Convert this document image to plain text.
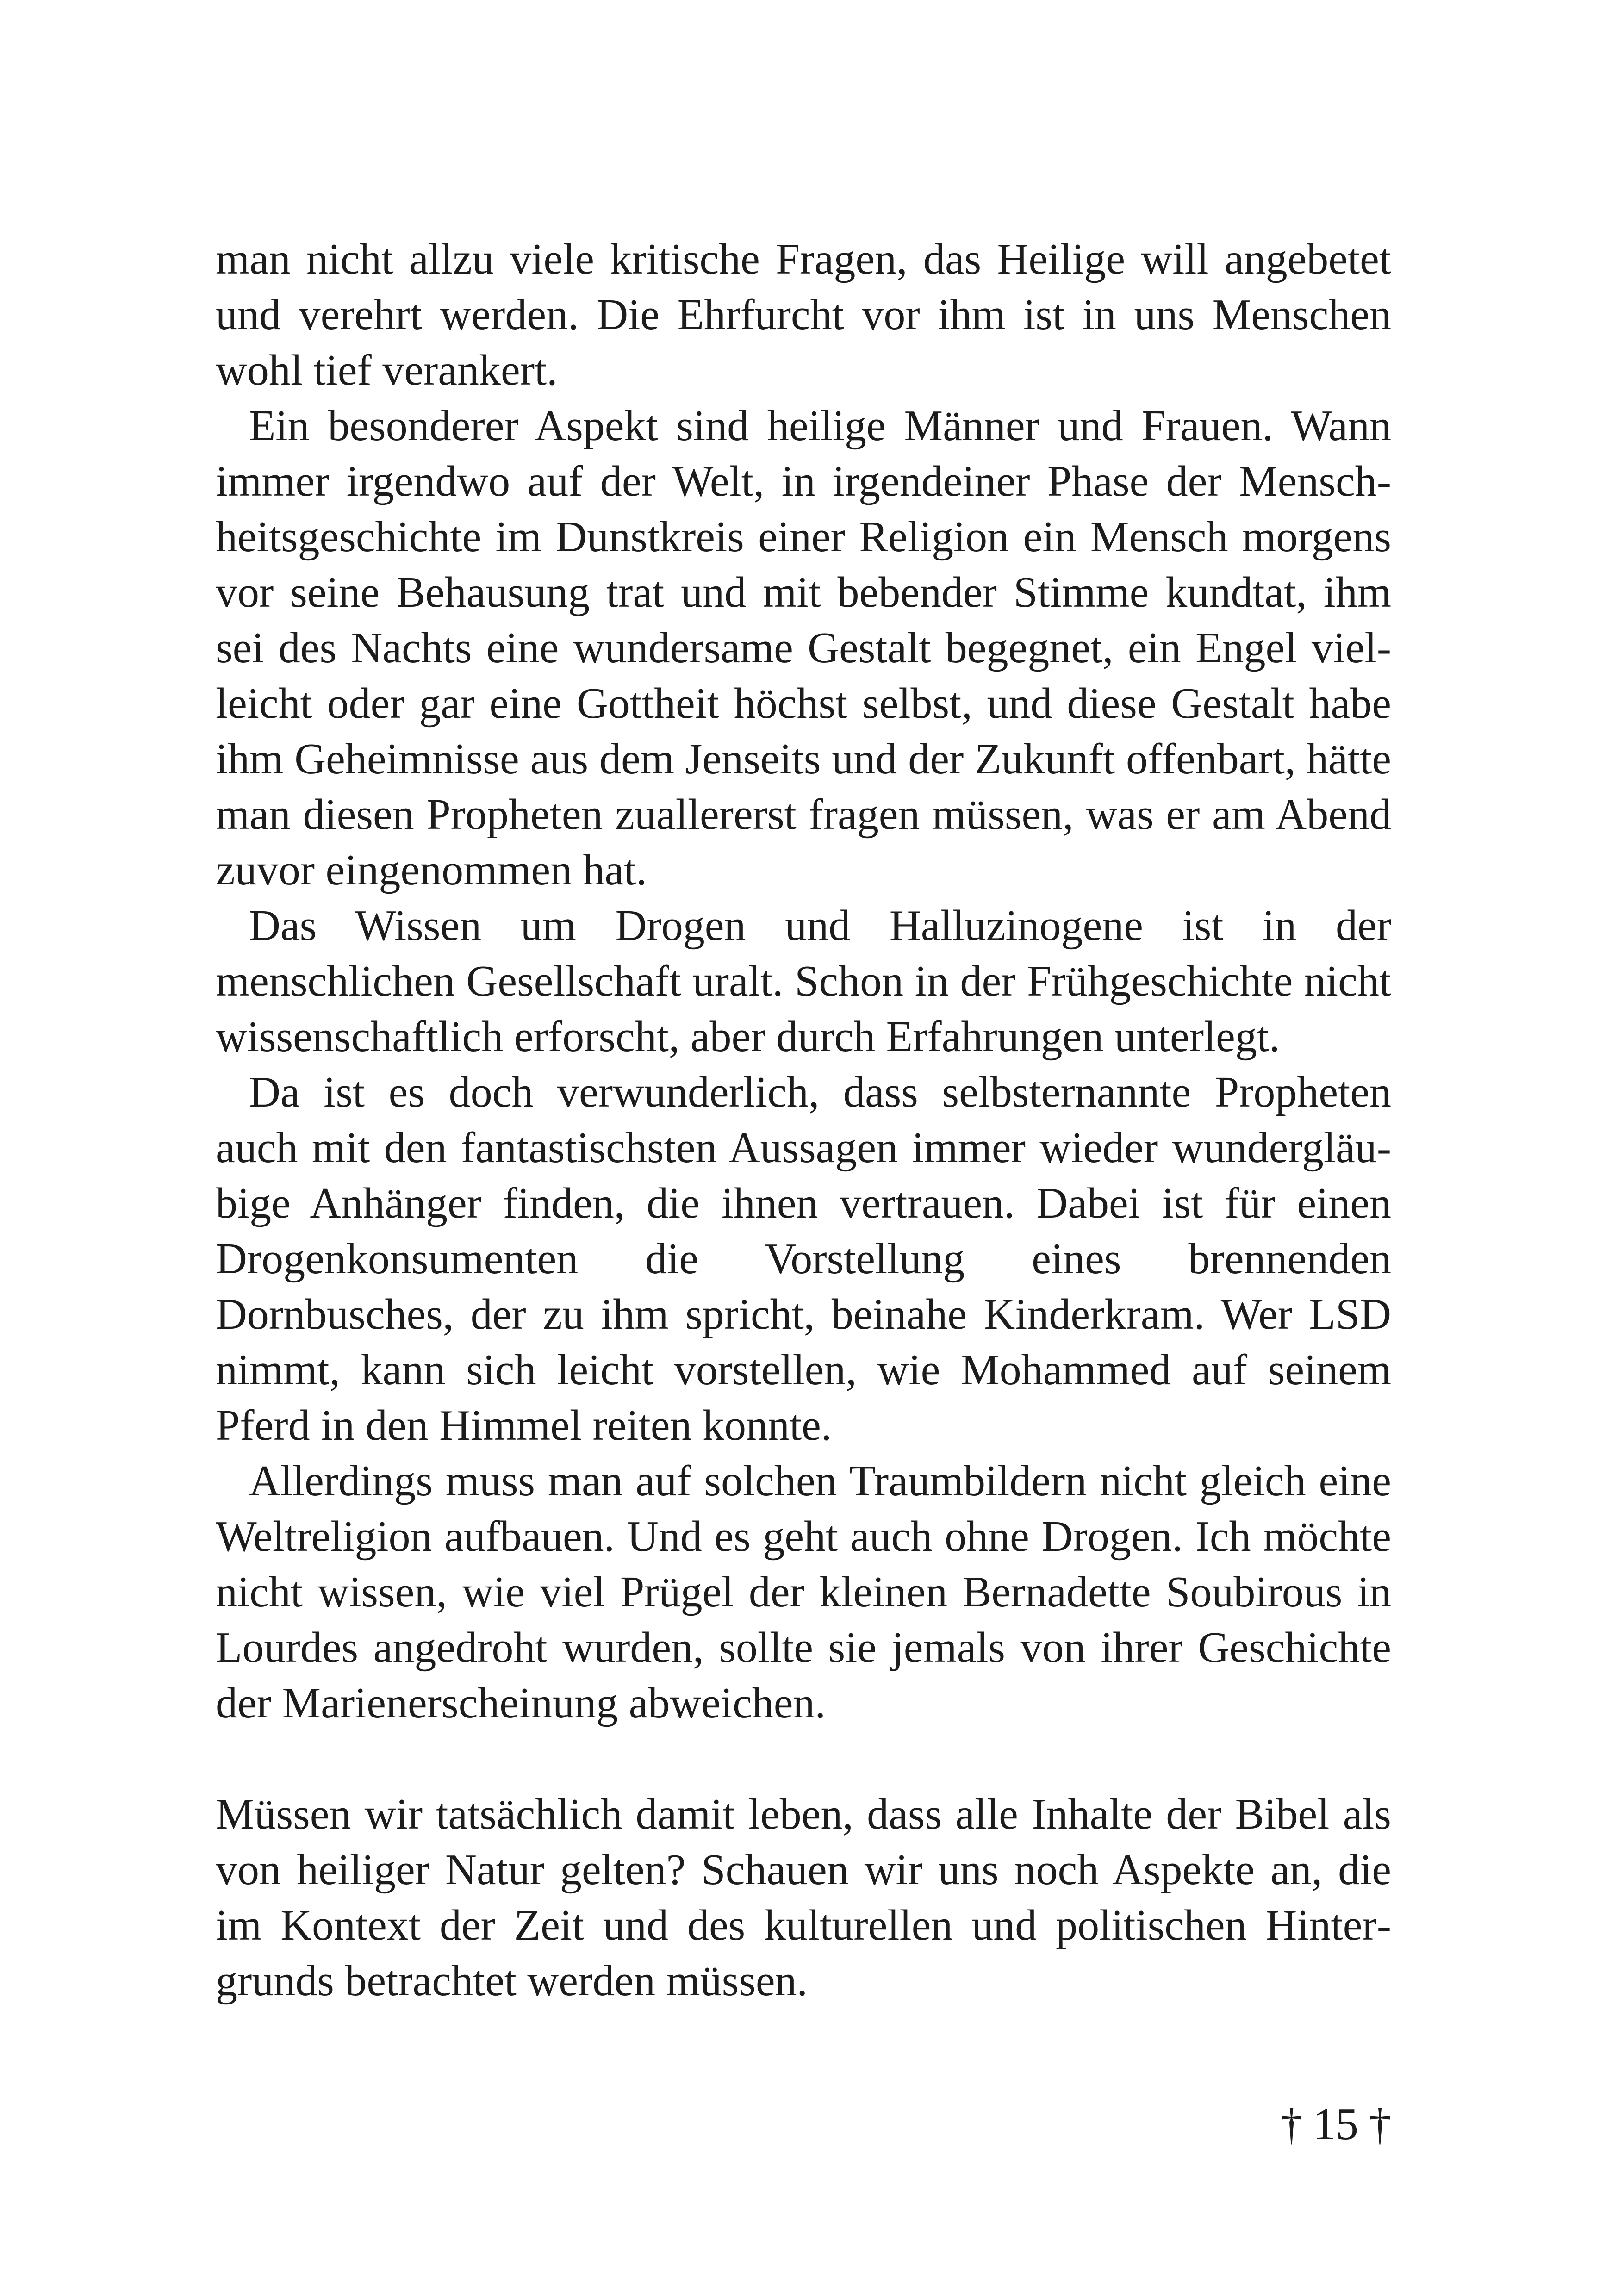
man nicht allzu viele kritische Fragen, das Heilige will angebetet und verehrt werden. Die Ehrfurcht vor ihm ist in uns Menschen wohl tief verankert.

Ein besonderer Aspekt sind heilige Männer und Frauen. Wann immer irgendwo auf der Welt, in irgendeiner Phase der Menschheitsgeschichte im Dunstkreis einer Religion ein Mensch morgens vor seine Behausung trat und mit bebender Stimme kundtat, ihm sei des Nachts eine wundersame Gestalt begegnet, ein Engel vielleicht oder gar eine Gottheit höchst selbst, und diese Gestalt habe ihm Geheimnisse aus dem Jenseits und der Zukunft offenbart, hätte man diesen Propheten zuallererst fragen müssen, was er am Abend zuvor eingenommen hat.

Das Wissen um Drogen und Halluzinogene ist in der menschlichen Gesellschaft uralt. Schon in der Frühgeschichte nicht wissenschaftlich erforscht, aber durch Erfahrungen unterlegt.

Da ist es doch verwunderlich, dass selbsternannte Propheten auch mit den fantastischsten Aussagen immer wieder wundergläubige Anhänger finden, die ihnen vertrauen. Dabei ist für einen Drogenkonsumenten die Vorstellung eines brennenden Dornbusches, der zu ihm spricht, beinahe Kinderkram. Wer LSD nimmt, kann sich leicht vorstellen, wie Mohammed auf seinem Pferd in den Himmel reiten konnte.

Allerdings muss man auf solchen Traumbildern nicht gleich eine Weltreligion aufbauen. Und es geht auch ohne Drogen. Ich möchte nicht wissen, wie viel Prügel der kleinen Bernadette Soubirous in Lourdes angedroht wurden, sollte sie jemals von ihrer Geschichte der Marienerscheinung abweichen.

Müssen wir tatsächlich damit leben, dass alle Inhalte der Bibel als von heiliger Natur gelten? Schauen wir uns noch Aspekte an, die im Kontext der Zeit und des kulturellen und politischen Hintergrunds betrachtet werden müssen.

† 15 †
